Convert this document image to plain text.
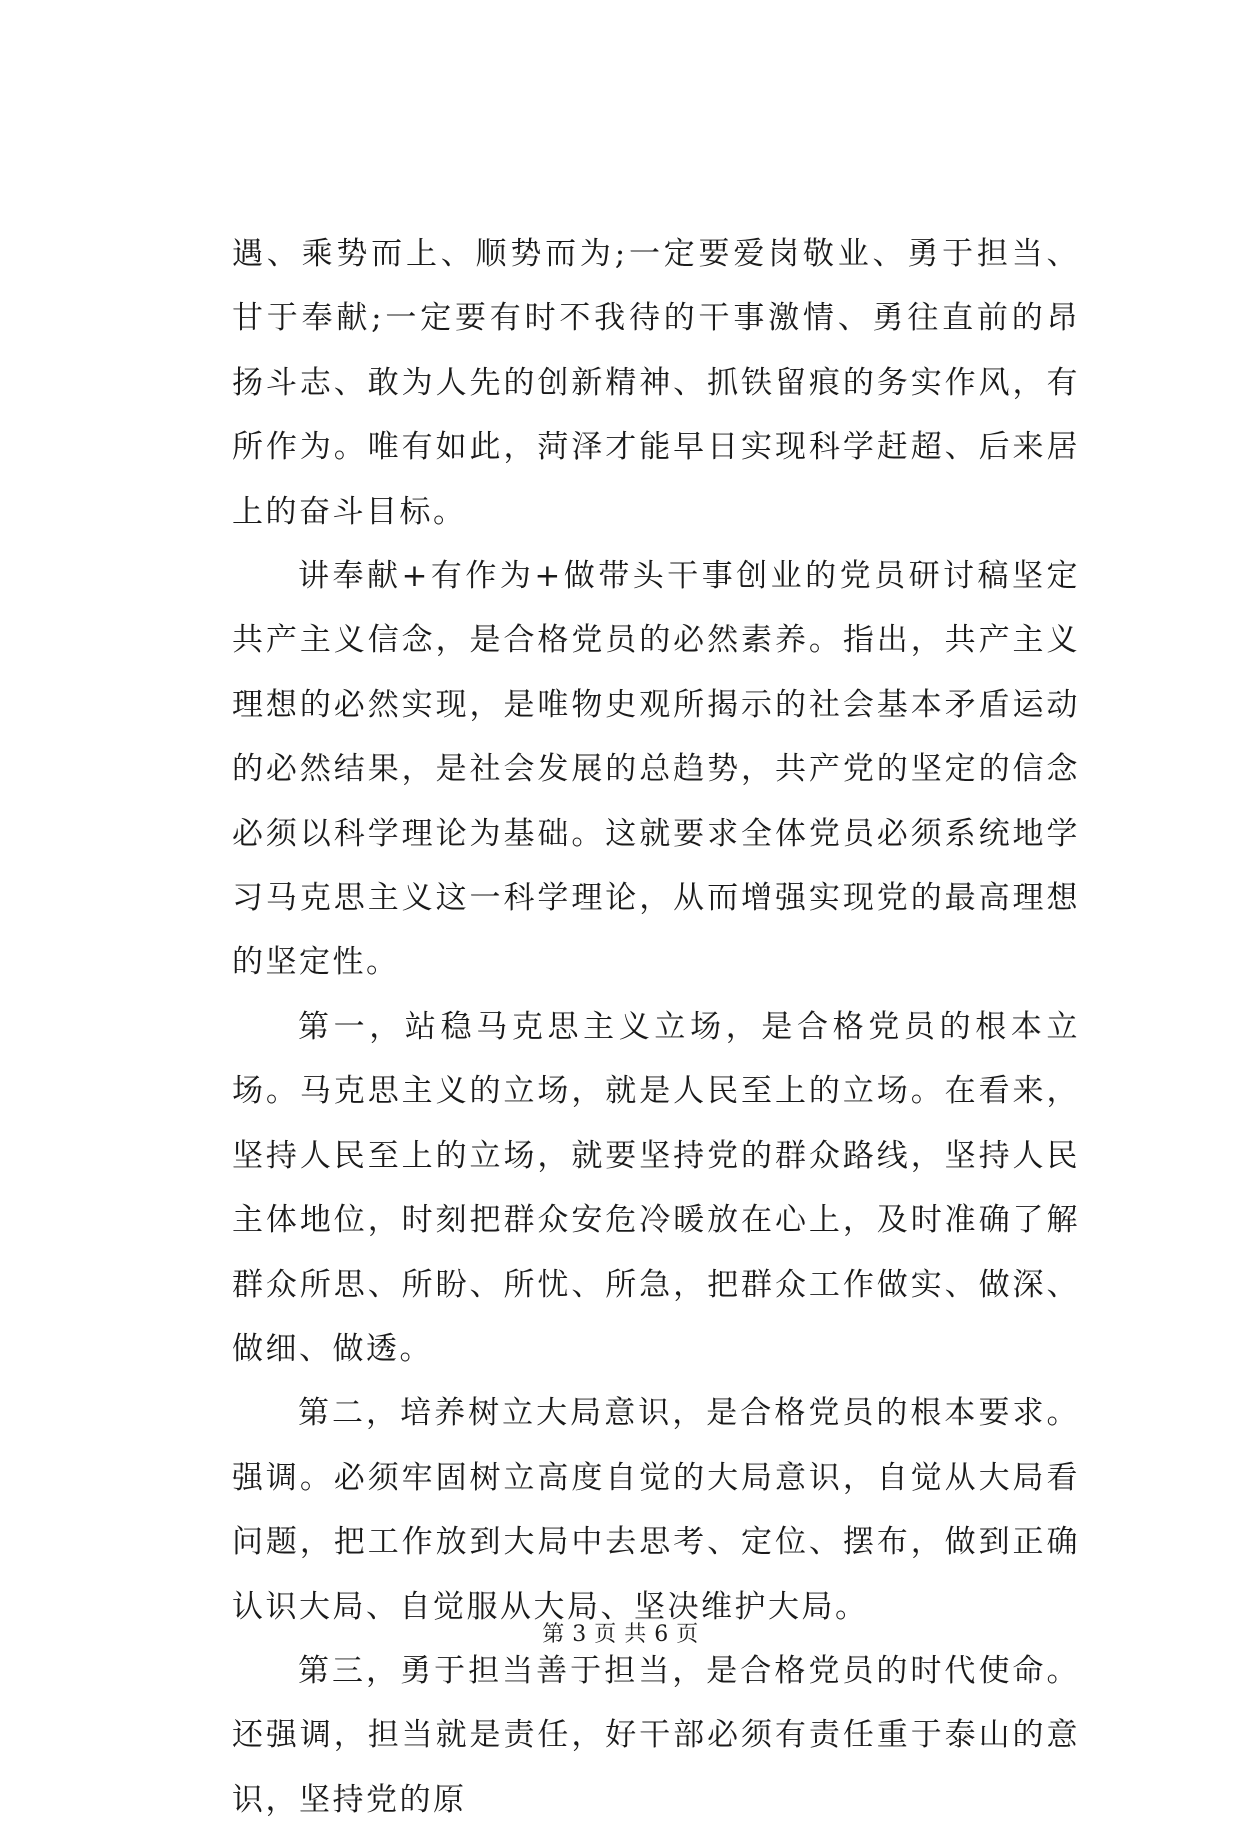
遇、乘势而上、顺势而为;一定要爱岗敬业、勇于担当、甘于奉献;一定要有时不我待的干事激情、勇往直前的昂扬斗志、敢为人先的创新精神、抓铁留痕的务实作风，有所作为。唯有如此，菏泽才能早日实现科学赶超、后来居上的奋斗目标。

讲奉献+有作为+做带头干事创业的党员研讨稿坚定共产主义信念，是合格党员的必然素养。指出，共产主义理想的必然实现，是唯物史观所揭示的社会基本矛盾运动的必然结果，是社会发展的总趋势，共产党的坚定的信念必须以科学理论为基础。这就要求全体党员必须系统地学习马克思主义这一科学理论，从而增强实现党的最高理想的坚定性。

第一，站稳马克思主义立场，是合格党员的根本立场。马克思主义的立场，就是人民至上的立场。在看来，坚持人民至上的立场，就要坚持党的群众路线，坚持人民主体地位，时刻把群众安危冷暖放在心上，及时准确了解群众所思、所盼、所忧、所急，把群众工作做实、做深、做细、做透。

第二，培养树立大局意识，是合格党员的根本要求。强调。必须牢固树立高度自觉的大局意识，自觉从大局看问题，把工作放到大局中去思考、定位、摆布，做到正确认识大局、自觉服从大局、坚决维护大局。

第三，勇于担当善于担当，是合格党员的时代使命。还强调，担当就是责任，好干部必须有责任重于泰山的意识，坚持党的原

第 3 页 共 6 页
